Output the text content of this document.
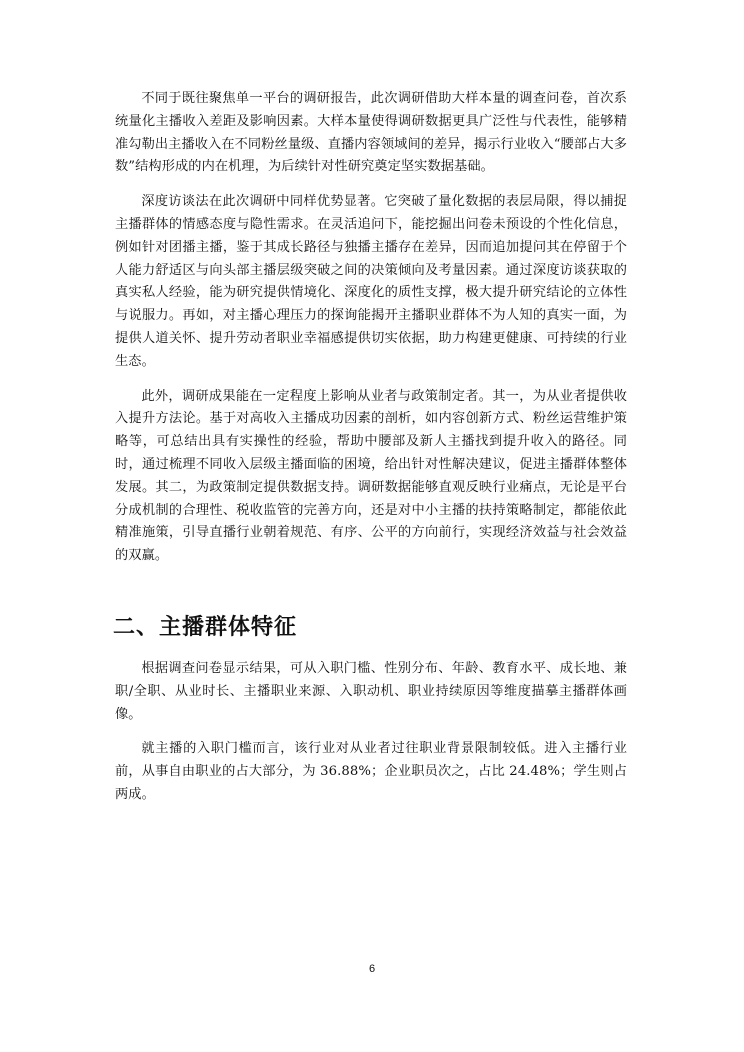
不同于既往聚焦单一平台的调研报告，此次调研借助大样本量的调查问卷，首次系统量化主播收入差距及影响因素。大样本量使得调研数据更具广泛性与代表性，能够精准勾勒出主播收入在不同粉丝量级、直播内容领域间的差异，揭示行业收入“腰部占大多数”结构形成的内在机理，为后续针对性研究奠定坚实数据基础。

深度访谈法在此次调研中同样优势显著。它突破了量化数据的表层局限，得以捕捉主播群体的情感态度与隐性需求。在灵活追问下，能挖掘出问卷未预设的个性化信息，例如针对团播主播，鉴于其成长路径与独播主播存在差异，因而追加提问其在停留于个人能力舒适区与向头部主播层级突破之间的决策倾向及考量因素。通过深度访谈获取的真实私人经验，能为研究提供情境化、深度化的质性支撑，极大提升研究结论的立体性与说服力。再如，对主播心理压力的探询能揭开主播职业群体不为人知的真实一面，为提供人道关怀、提升劳动者职业幸福感提供切实依据，助力构建更健康、可持续的行业生态。

此外，调研成果能在一定程度上影响从业者与政策制定者。其一，为从业者提供收入提升方法论。基于对高收入主播成功因素的剖析，如内容创新方式、粉丝运营维护策略等，可总结出具有实操性的经验，帮助中腰部及新人主播找到提升收入的路径。同时，通过梳理不同收入层级主播面临的困境，给出针对性解决建议，促进主播群体整体发展。其二，为政策制定提供数据支持。调研数据能够直观反映行业痛点，无论是平台分成机制的合理性、税收监管的完善方向，还是对中小主播的扶持策略制定，都能依此精准施策，引导直播行业朝着规范、有序、公平的方向前行，实现经济效益与社会效益的双赢。

二、主播群体特征

根据调查问卷显示结果，可从入职门槛、性别分布、年龄、教育水平、成长地、兼职/全职、从业时长、主播职业来源、入职动机、职业持续原因等维度描摹主播群体画像。

就主播的入职门槛而言，该行业对从业者过往职业背景限制较低。进入主播行业前，从事自由职业的占大部分，为 36.88%；企业职员次之，占比 24.48%；学生则占两成。

6
